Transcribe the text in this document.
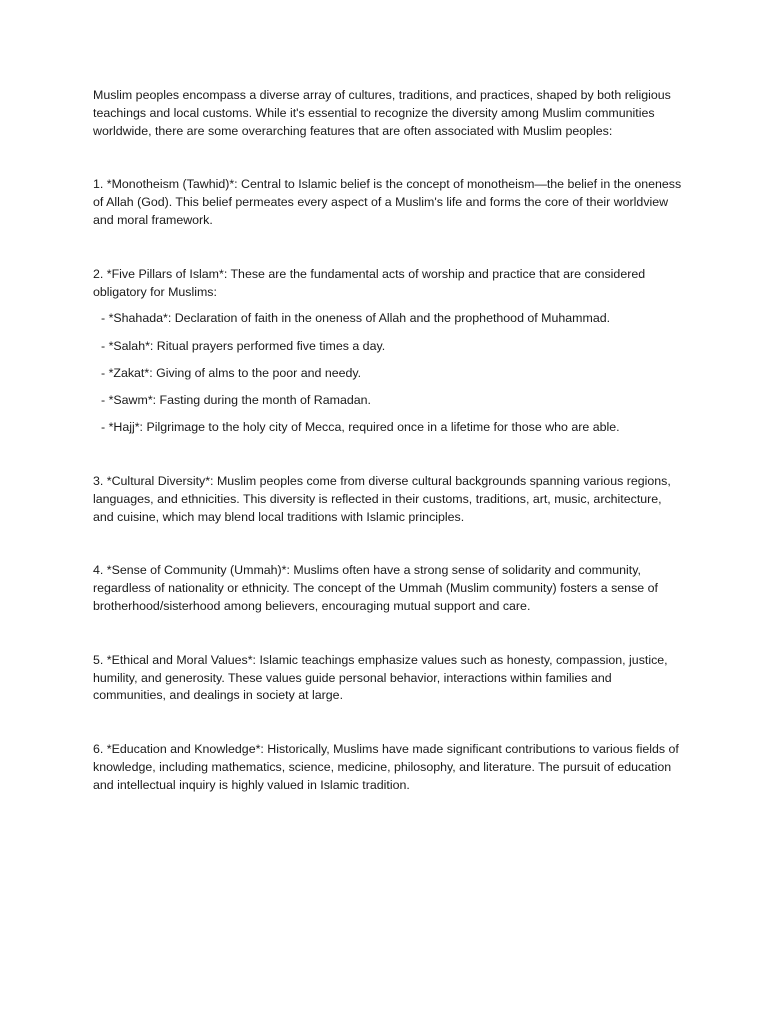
Muslim peoples encompass a diverse array of cultures, traditions, and practices, shaped by both religious teachings and local customs. While it's essential to recognize the diversity among Muslim communities worldwide, there are some overarching features that are often associated with Muslim peoples:

1. *Monotheism (Tawhid)*: Central to Islamic belief is the concept of monotheism—the belief in the oneness of Allah (God). This belief permeates every aspect of a Muslim's life and forms the core of their worldview and moral framework.

2. *Five Pillars of Islam*: These are the fundamental acts of worship and practice that are considered obligatory for Muslims:

- *Shahada*: Declaration of faith in the oneness of Allah and the prophethood of Muhammad.

- *Salah*: Ritual prayers performed five times a day.

- *Zakat*: Giving of alms to the poor and needy.

- *Sawm*: Fasting during the month of Ramadan.

- *Hajj*: Pilgrimage to the holy city of Mecca, required once in a lifetime for those who are able.

3. *Cultural Diversity*: Muslim peoples come from diverse cultural backgrounds spanning various regions, languages, and ethnicities. This diversity is reflected in their customs, traditions, art, music, architecture, and cuisine, which may blend local traditions with Islamic principles.

4. *Sense of Community (Ummah)*: Muslims often have a strong sense of solidarity and community, regardless of nationality or ethnicity. The concept of the Ummah (Muslim community) fosters a sense of brotherhood/sisterhood among believers, encouraging mutual support and care.

5. *Ethical and Moral Values*: Islamic teachings emphasize values such as honesty, compassion, justice, humility, and generosity. These values guide personal behavior, interactions within families and communities, and dealings in society at large.

6. *Education and Knowledge*: Historically, Muslims have made significant contributions to various fields of knowledge, including mathematics, science, medicine, philosophy, and literature. The pursuit of education and intellectual inquiry is highly valued in Islamic tradition.
